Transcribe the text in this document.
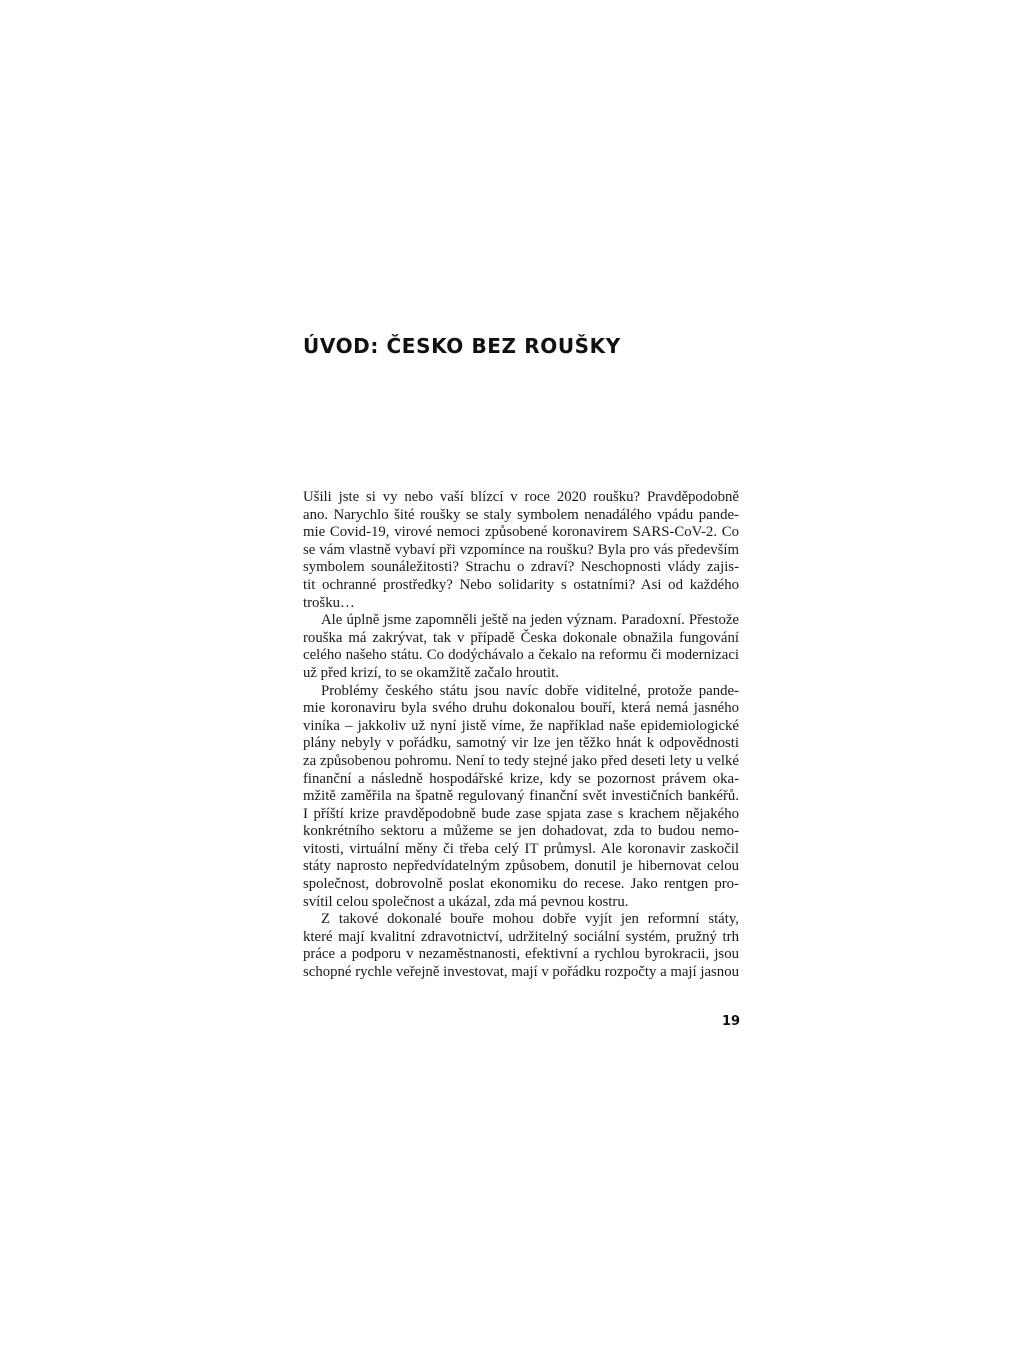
ÚVOD: ČESKO BEZ ROUŠKY
Ušili jste si vy nebo vaší blízcí v roce 2020 roušku? Pravděpodobně
ano. Narychlo šité roušky se staly symbolem nenadálého vpádu pande-
mie Covid-19, virové nemoci způsobené koronavirem SARS-CoV-2. Co
se vám vlastně vybaví při vzpomínce na roušku? Byla pro vás především
symbolem sounáležitosti? Strachu o zdraví? Neschopnosti vlády zajis-
tit ochranné prostředky? Nebo solidarity s ostatními? Asi od každého
trošku…
Ale úplně jsme zapomněli ještě na jeden význam. Paradoxní. Přestože
rouška má zakrývat, tak v případě Česka dokonale obnažila fungování
celého našeho státu. Co dodýchávalo a čekalo na reformu či modernizaci
už před krizí, to se okamžitě začalo hroutit.
Problémy českého státu jsou navíc dobře viditelné, protože pande-
mie koronaviru byla svého druhu dokonalou bouří, která nemá jasného
viníka – jakkoliv už nyní jistě víme, že například naše epidemiologické
plány nebyly v pořádku, samotný vir lze jen těžko hnát k odpovědnosti
za způsobenou pohromu. Není to tedy stejné jako před deseti lety u velké
finanční a následně hospodářské krize, kdy se pozornost právem oka-
mžitě zaměřila na špatně regulovaný finanční svět investičních bankéřů.
I příští krize pravděpodobně bude zase spjata zase s krachem nějakého
konkrétního sektoru a můžeme se jen dohadovat, zda to budou nemo-
vitosti, virtuální měny či třeba celý IT průmysl. Ale koronavir zaskočil
státy naprosto nepředvídatelným způsobem, donutil je hibernovat celou
společnost, dobrovolně poslat ekonomiku do recese. Jako rentgen pro-
svítil celou společnost a ukázal, zda má pevnou kostru.
Z takové dokonalé bouře mohou dobře vyjít jen reformní státy,
které mají kvalitní zdravotnictví, udržitelný sociální systém, pružný trh
práce a podporu v nezaměstnanosti, efektivní a rychlou byrokracii, jsou
schopné rychle veřejně investovat, mají v pořádku rozpočty a mají jasnou
19
